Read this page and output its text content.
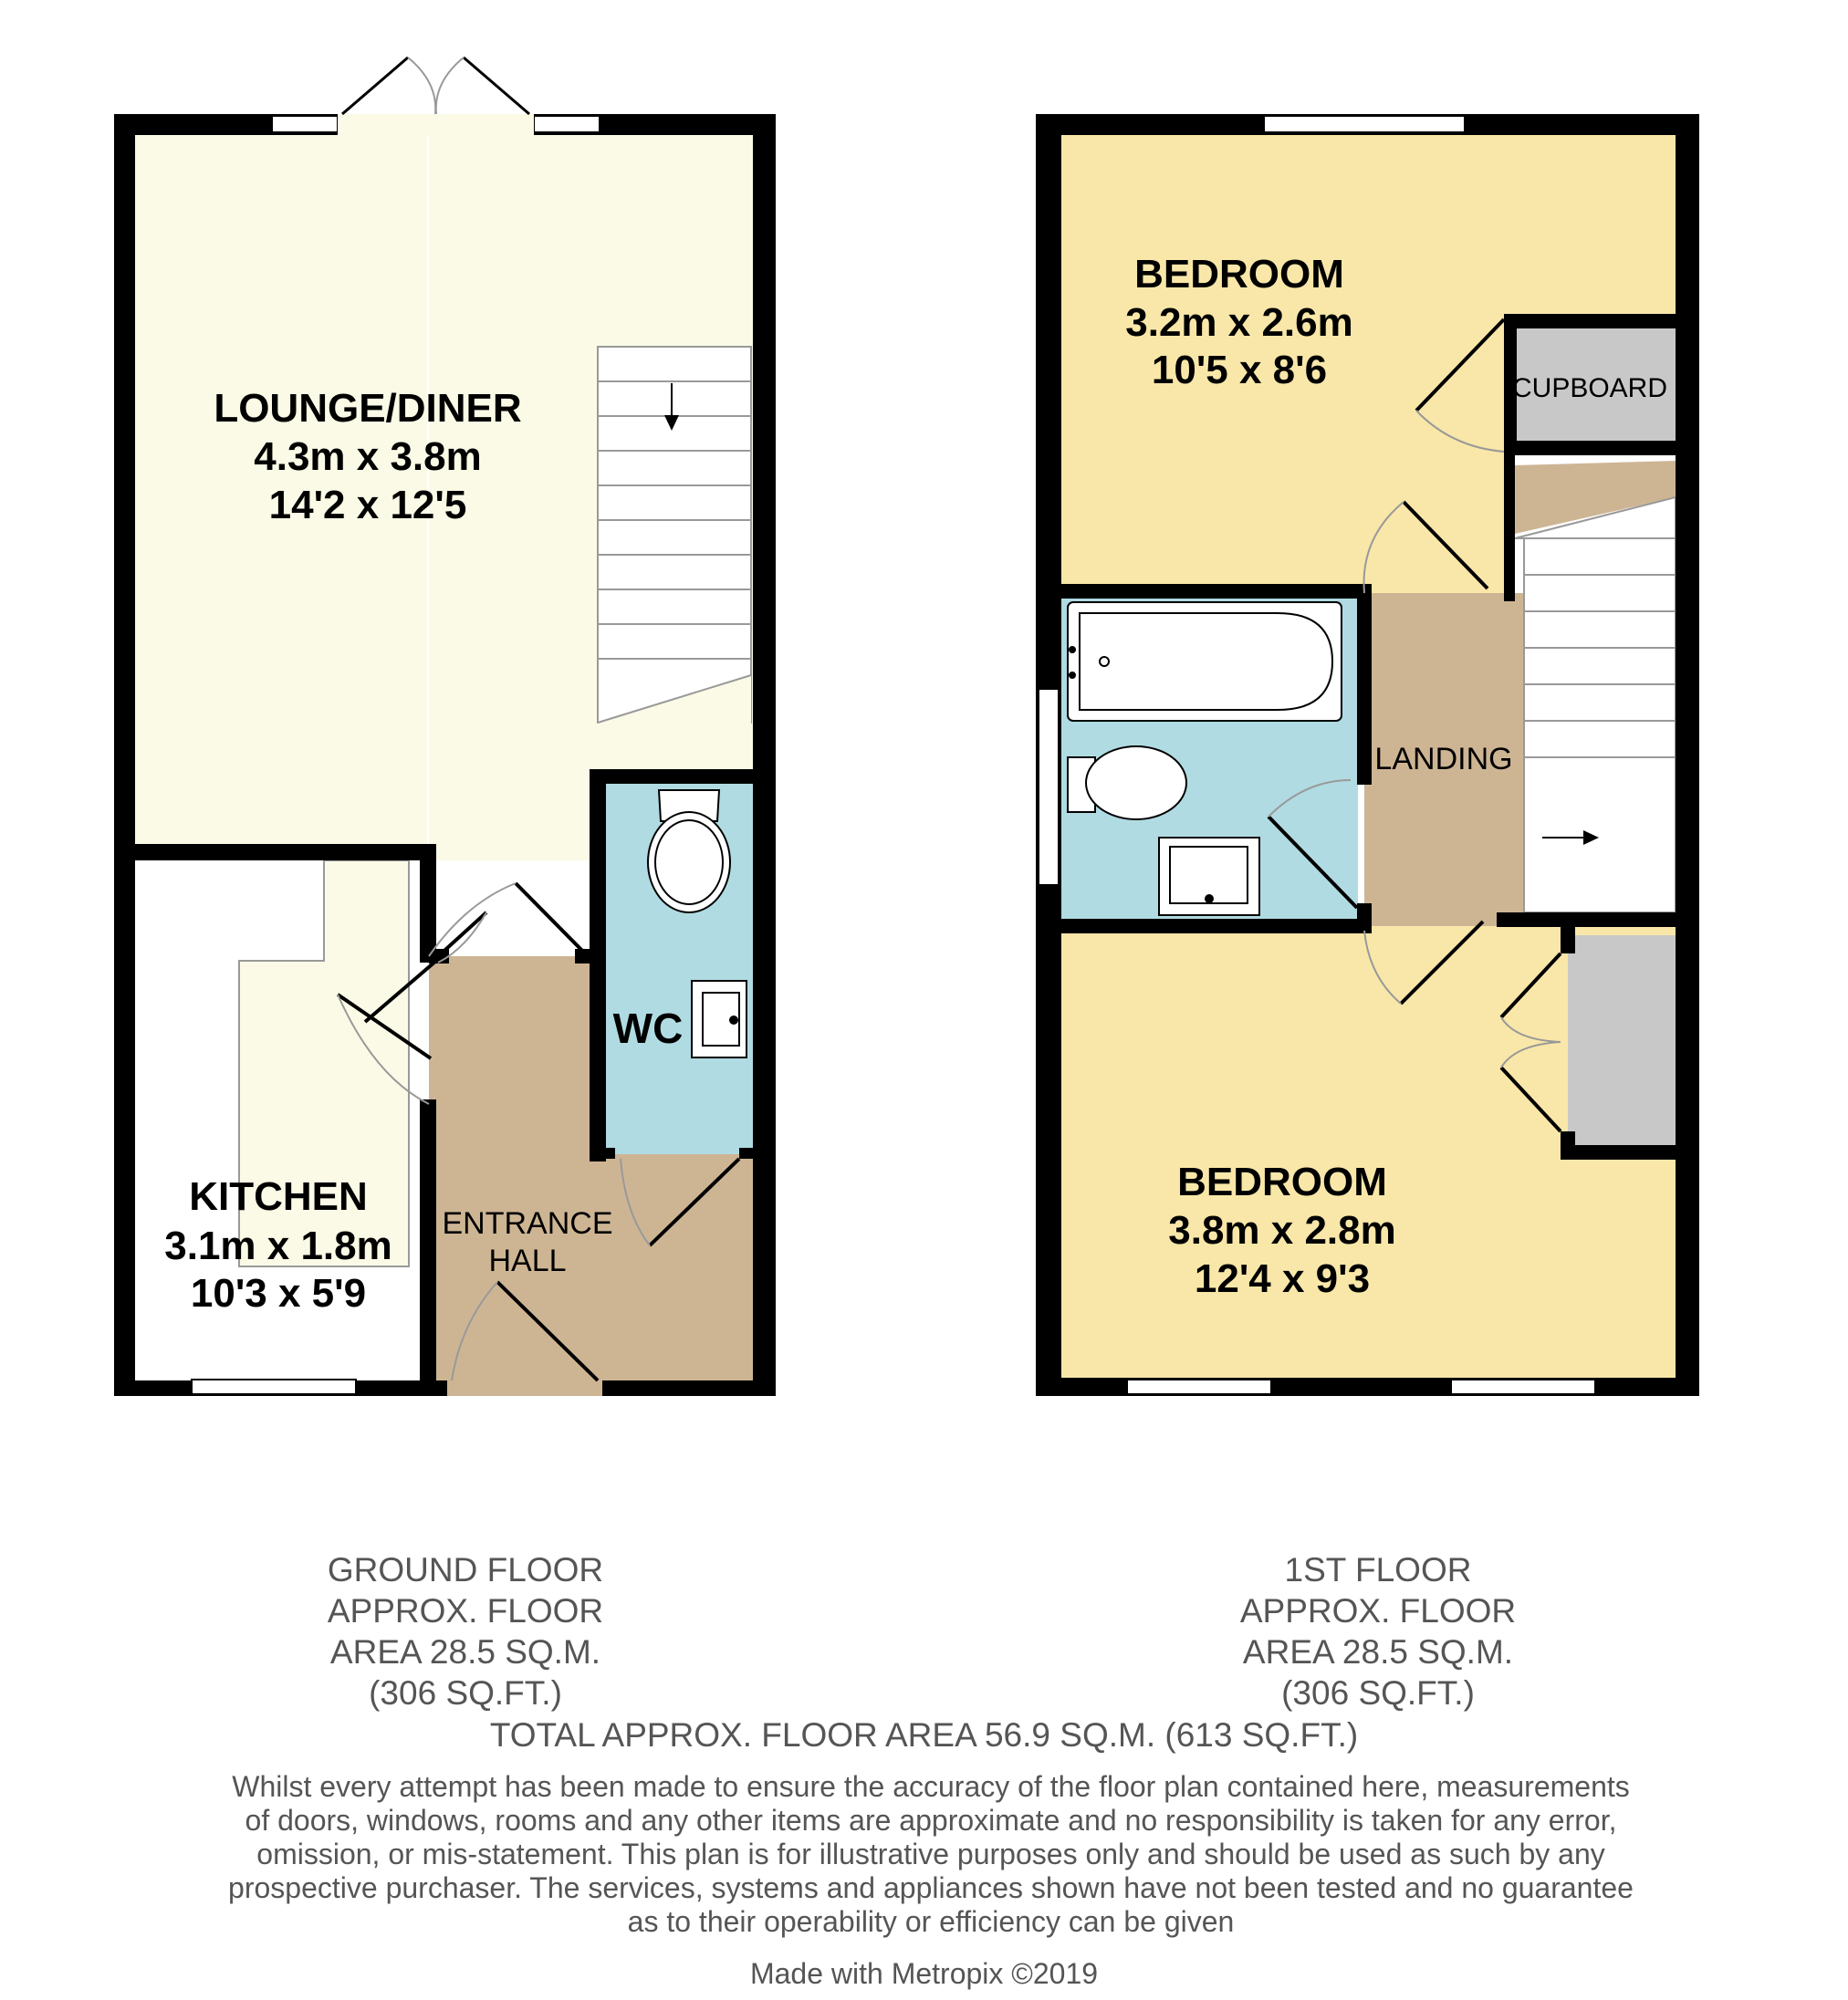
LOUNGE/DINER
4.3m x 3.8m
14'2 x 12'5
KITCHEN
3.1m x 1.8m
10'3 x 5'9
WC
ENTRANCE
HALL
BEDROOM
3.2m x 2.6m
10'5 x 8'6	CUPBOARD
LANDING
BEDROOM
3.8m x 2.8m
12'4 x 9'3
GROUND FLOOR
APPROX. FLOOR
AREA 28.5 SQ.M.
(306 SQ.FT.)
1ST FLOOR
APPROX. FLOOR
AREA 28.5 SQ.M.
(306 SQ.FT.)
TOTAL APPROX. FLOOR AREA 56.9 SQ.M. (613 SQ.FT.)
Whilst every attempt has been made to ensure the accuracy of the floor plan contained here, measurements of doors, windows, rooms and any other items are approximate and no responsibility is taken for any error, omission, or mis-statement. This plan is for illustrative purposes only and should be used as such by any prospective purchaser. The services, systems and appliances shown have not been tested and no guarantee as to their operability or efficiency can be given
Made with Metropix ©2019
